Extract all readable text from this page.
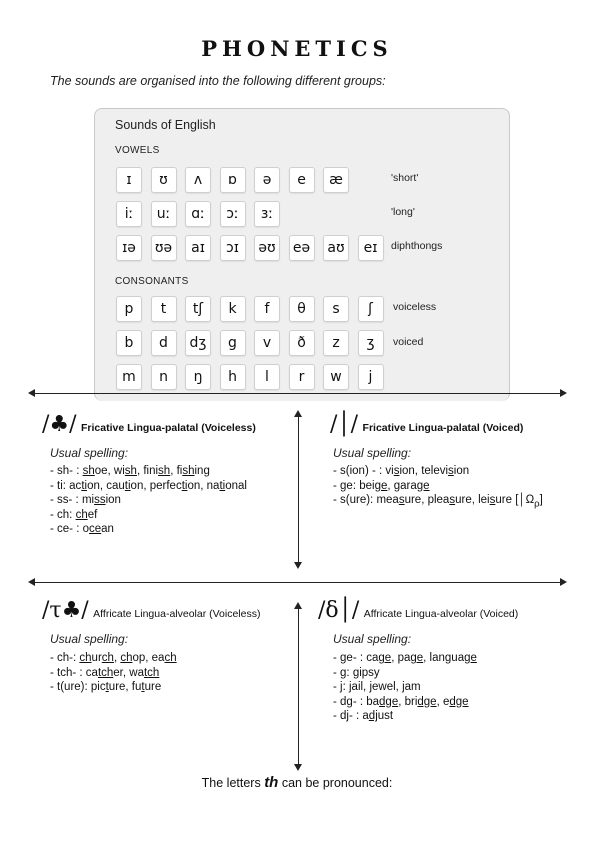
PHONETICS
The sounds are organised into the following different groups:
Sounds of English
VOWELS
CONSONANTS
ɪ	ʊ	ʌ	ɒ	ə	e	æ	'short'
iː	uː	ɑː	ɔː	ɜː	'long'
ɪə	ʊə	aɪ	ɔɪ	əʊ	eə	aʊ	eɪ	diphthongs
p	t	tʃ	k	f	θ	s	ʃ	voiceless
b	d	dʒ	g	v	ð	z	ʒ	voiced
m	n	ŋ	h	l	r	w	j
/♣/ Fricative Lingua-palatal (Voiceless)
Usual spelling:
- sh- : shoe, wish, finish, fishing
- ti: action, caution, perfection, national
- ss- : mission
- ch: chef
- ce- : ocean
/│/ Fricative Lingua-palatal (Voiced)
Usual spelling:
- s(ion) - : vision, television
- ge: beige, garage
- s(ure): measure, pleasure, leisure $[│\Omega_\rho]$
/τ♣/ Affricate Lingua-alveolar (Voiceless)
Usual spelling:
- ch-: church, chop, each
- tch- : catcher, watch
- t(ure): picture, future
/δ│/ Affricate Lingua-alveolar (Voiced)
Usual spelling:
- ge- : cage, page, language
- g: gipsy
- j: jail, jewel, jam
- dg- : badge, bridge, edge
- dj- : adjust
The letters th can be pronounced:
